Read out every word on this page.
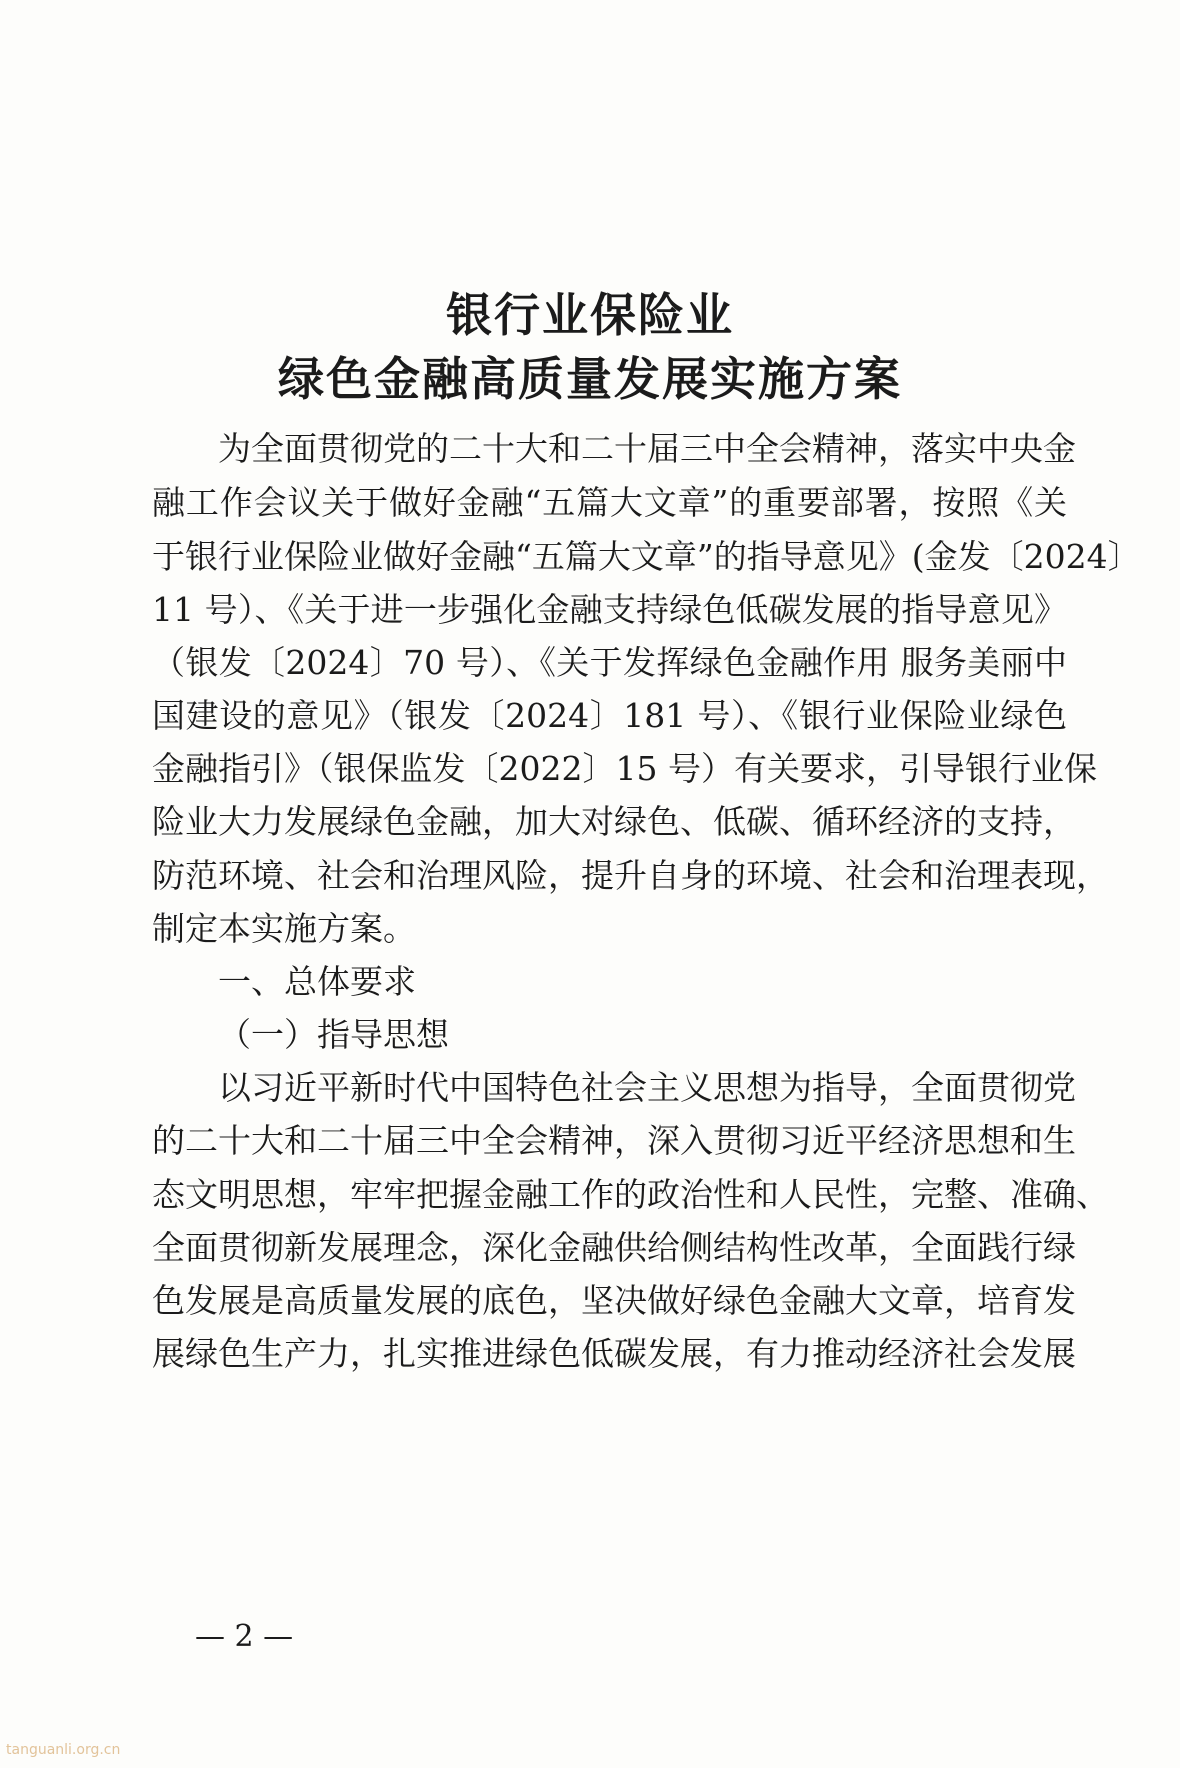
银行业保险业
绿色金融高质量发展实施方案

为全面贯彻党的二十大和二十届三中全会精神，落实中央金

融工作会议关于做好金融“五篇大文章”的重要部署，按照《关

于银行业保险业做好金融“五篇大文章”的指导意见》(金发〔2024〕

11 号）、《关于进一步强化金融支持绿色低碳发展的指导意见》

（银发〔2024〕70 号）、《关于发挥绿色金融作用 服务美丽中

国建设的意见》（银发〔2024〕181 号）、《银行业保险业绿色

金融指引》（银保监发〔2022〕15 号）有关要求，引导银行业保

险业大力发展绿色金融，加大对绿色、低碳、循环经济的支持，

防范环境、社会和治理风险，提升自身的环境、社会和治理表现，

制定本实施方案。

一、总体要求

（一）指导思想

以习近平新时代中国特色社会主义思想为指导，全面贯彻党

的二十大和二十届三中全会精神，深入贯彻习近平经济思想和生

态文明思想，牢牢把握金融工作的政治性和人民性，完整、准确、

全面贯彻新发展理念，深化金融供给侧结构性改革，全面践行绿

色发展是高质量发展的底色，坚决做好绿色金融大文章，培育发

展绿色生产力，扎实推进绿色低碳发展，有力推动经济社会发展

— 2 —

tanguanli.org.cn
